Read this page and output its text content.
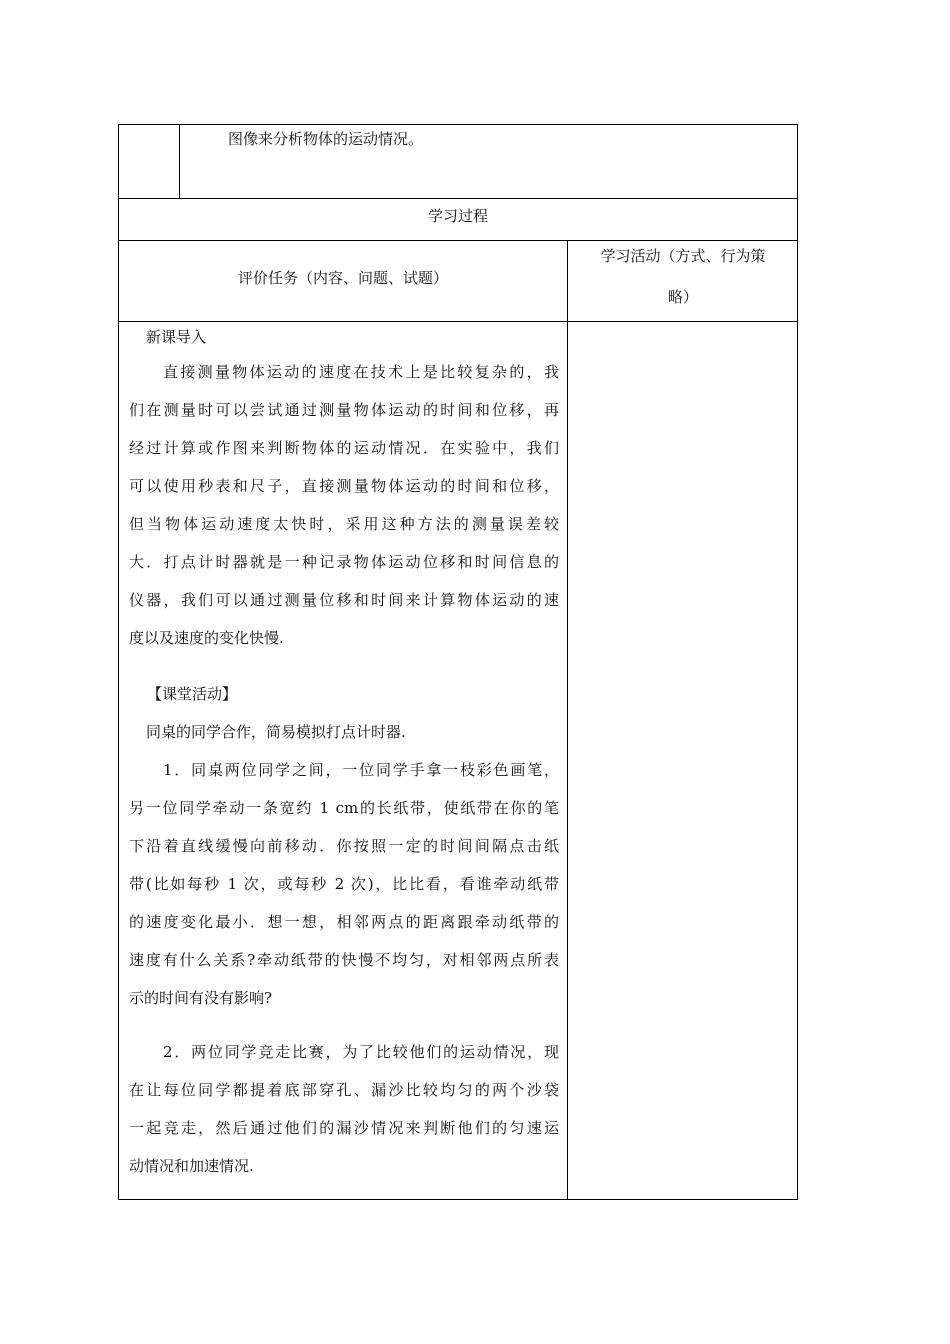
图像来分析物体的运动情况。
学习过程
评价任务（内容、问题、试题）
学习活动（方式、行为策
略）
新课导入
直接测量物体运动的速度在技术上是比较复杂的，我
们在测量时可以尝试通过测量物体运动的时间和位移，再
经过计算或作图来判断物体的运动情况．在实验中，我们
可以使用秒表和尺子，直接测量物体运动的时间和位移，
但当物体运动速度太快时，采用这种方法的测量误差较
大．打点计时器就是一种记录物体运动位移和时间信息的
仪器，我们可以通过测量位移和时间来计算物体运动的速
度以及速度的变化快慢.
【课堂活动】
同桌的同学合作，简易模拟打点计时器.
1．同桌两位同学之间，一位同学手拿一枝彩色画笔，
另一位同学牵动一条宽约 1 cm的长纸带，使纸带在你的笔
下沿着直线缓慢向前移动．你按照一定的时间间隔点击纸
带(比如每秒 1 次，或每秒 2 次)，比比看，看谁牵动纸带
的速度变化最小．想一想，相邻两点的距离跟牵动纸带的
速度有什么关系?牵动纸带的快慢不均匀，对相邻两点所表
示的时间有没有影响?
2．两位同学竞走比赛，为了比较他们的运动情况，现
在让每位同学都提着底部穿孔、漏沙比较均匀的两个沙袋
一起竞走，然后通过他们的漏沙情况来判断他们的匀速运
动情况和加速情况.
